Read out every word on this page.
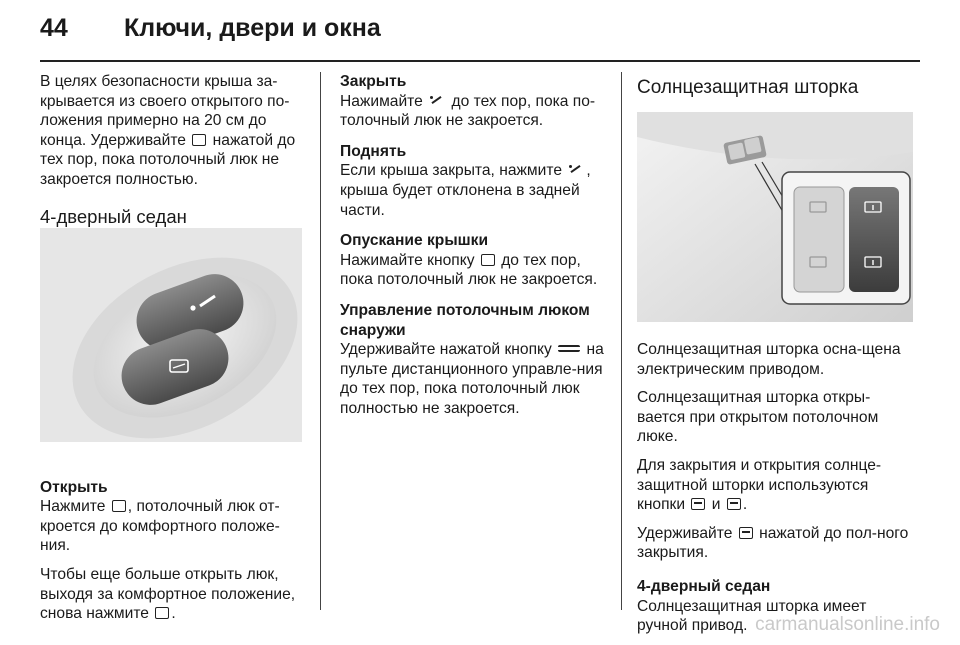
44 Ключи, двери и окна

В целях безопасности крыша за-крывается из своего открытого по-ложения примерно на 20 см до конца. Удерживайте нажатой до тех пор, пока потолочный люк не закроется полностью.

4-дверный седан
Открыть

Нажмите , потолочный люк от-кроется до комфортного положе-ния.

Чтобы еще больше открыть люк, выходя за комфортное положение, снова нажмите .

Закрыть

Нажимайте до тех пор, пока по-толочный люк не закроется.

Поднять

Если крыша закрыта, нажмите , крыша будет отклонена в задней части.

Опускание крышки

Нажимайте кнопку до тех пор, пока потолочный люк не закроется.

Управление потолочным люком снаружи

Удерживайте нажатой кнопку на пульте дистанционного управле-ния до тех пор, пока потолочный люк полностью не закроется.

Солнцезащитная шторка

Солнцезащитная шторка осна-щена электрическим приводом.

Солнцезащитная шторка откры-вается при открытом потолочном люке.

Для закрытия и открытия солнце-защитной шторки используются кнопки и .

Удерживайте нажатой до пол-ного закрытия.

4-дверный седан

Солнцезащитная шторка имеет ручной привод. carmanualsonline.info
